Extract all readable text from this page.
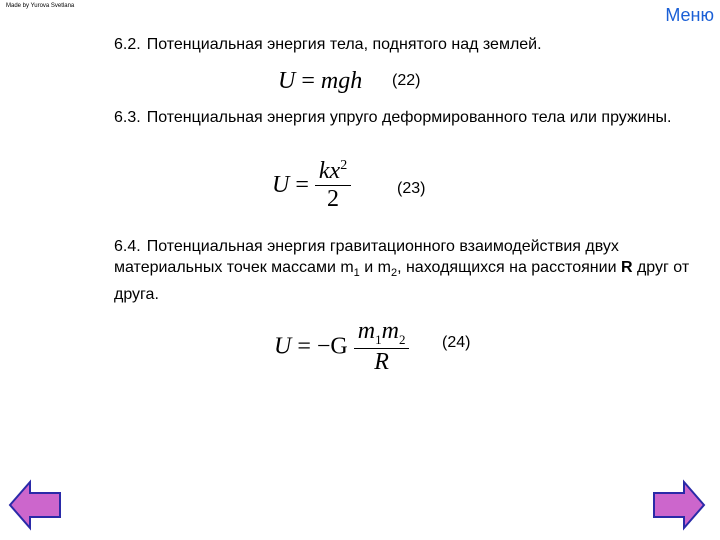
Made by Yurova Svetlana	Меню
6.2. Потенциальная энергия тела, поднятого над землей.
U = mgh (22)
6.3. Потенциальная энергия упруго деформированного тела или пружины.
$U = \frac{kx^2}{2}$	(23)
6.4. Потенциальная энергия гравитационного взаимодействия двух материальных точек массами $m_1$ и $m_2$, находящихся на расстоянии R друг от друга.
$U = -G \frac{m_1m_2}{R} (24)$
